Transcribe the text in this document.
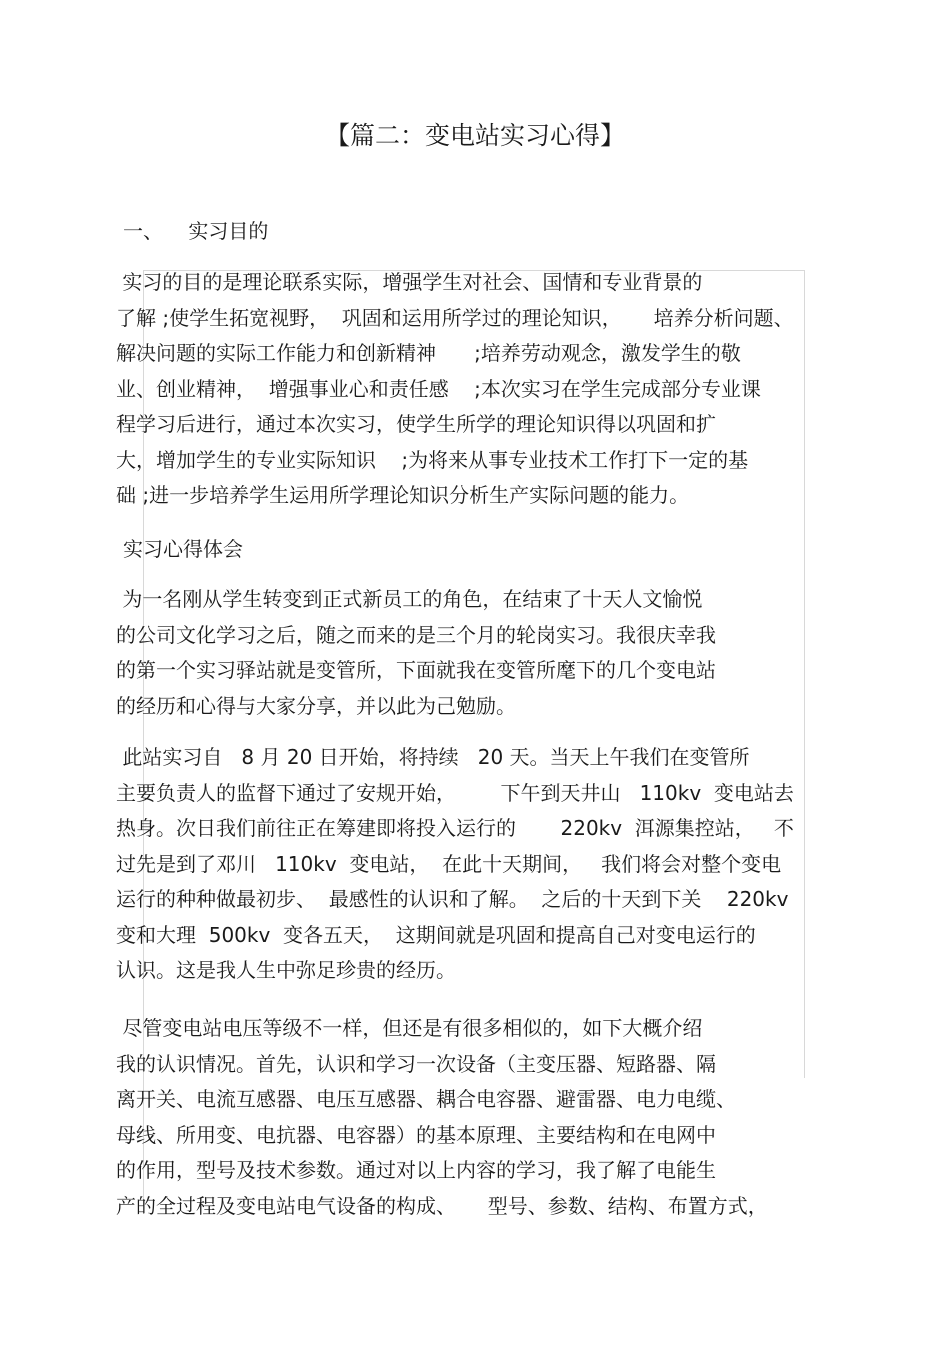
【篇二：变电站实习心得】
一、    实习目的

实习的目的是理论联系实际，增强学生对社会、国情和专业背景的
了解 ;使学生拓宽视野，  巩固和运用所学过的理论知识，     培养分析问题、
解决问题的实际工作能力和创新精神      ;培养劳动观念，激发学生的敬
业、创业精神，  增强事业心和责任感    ;本次实习在学生完成部分专业课
程学习后进行，通过本次实习，使学生所学的理论知识得以巩固和扩
大，增加学生的专业实际知识    ;为将来从事专业技术工作打下一定的基
础 ;进一步培养学生运用所学理论知识分析生产实际问题的能力。

实习心得体会

为一名刚从学生转变到正式新员工的角色，在结束了十天人文愉悦
的公司文化学习之后，随之而来的是三个月的轮岗实习。我很庆幸我
的第一个实习驿站就是变管所，下面就我在变管所麾下的几个变电站
的经历和心得与大家分享，并以此为己勉励。

此站实习自   8 月 20 日开始，将持续   20 天。当天上午我们在变管所
主要负责人的监督下通过了安规开始，       下午到天井山   110kv  变电站去
热身。次日我们前往正在筹建即将投入运行的       220kv  洱源集控站，   不
过先是到了邓川   110kv  变电站，  在此十天期间，   我们将会对整个变电
运行的种种做最初步、  最感性的认识和了解。  之后的十天到下关    220kv
变和大理  500kv  变各五天，  这期间就是巩固和提高自己对变电运行的
认识。这是我人生中弥足珍贵的经历。

尽管变电站电压等级不一样，但还是有很多相似的，如下大概介绍
我的认识情况。首先，认识和学习一次设备（主变压器、短路器、隔
离开关、电流互感器、电压互感器、耦合电容器、避雷器、电力电缆、
母线、所用变、电抗器、电容器）的基本原理、主要结构和在电网中
的作用，型号及技术参数。通过对以上内容的学习，我了解了电能生
产的全过程及变电站电气设备的构成、     型号、参数、结构、布置方式，
